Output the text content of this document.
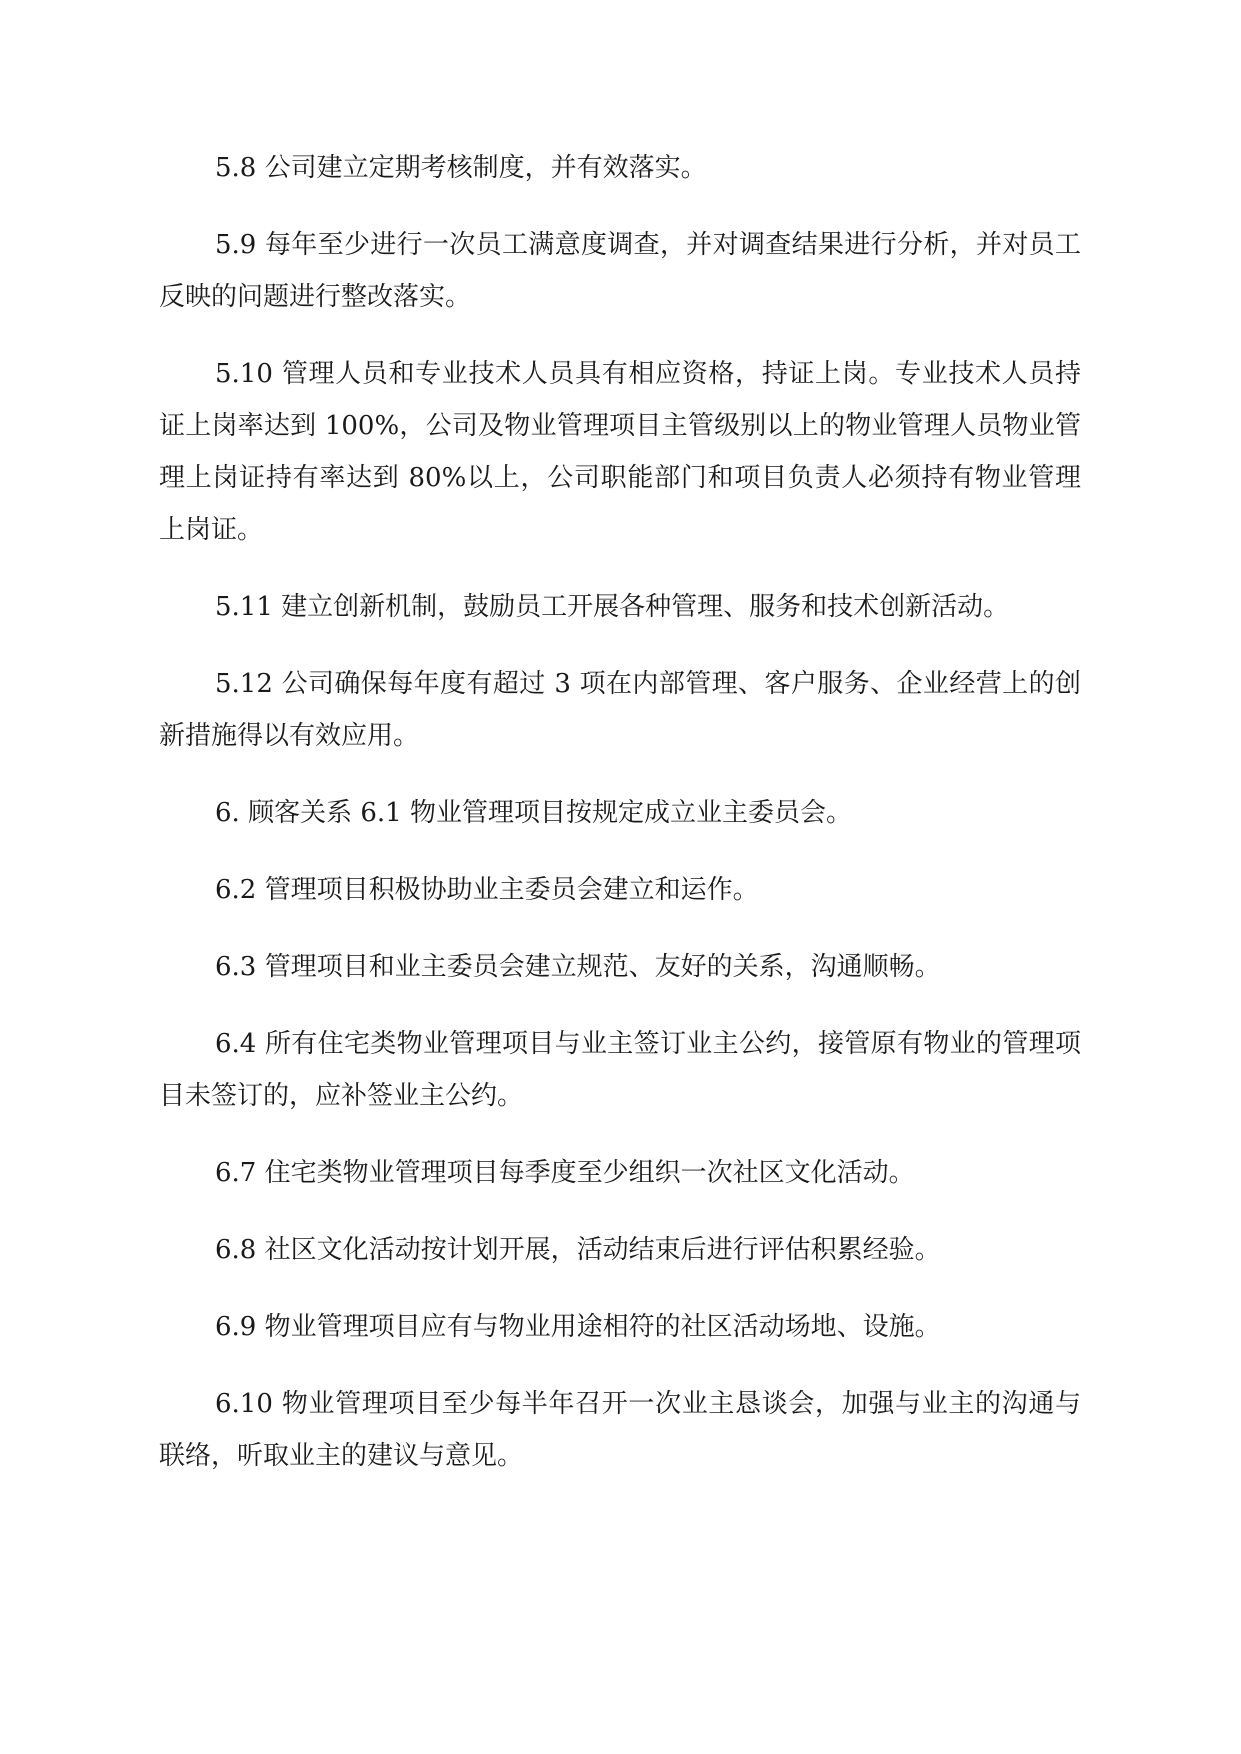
5.8 公司建立定期考核制度，并有效落实。

5.9 每年至少进行一次员工满意度调查，并对调查结果进行分析，并对员工反映的问题进行整改落实。

5.10 管理人员和专业技术人员具有相应资格，持证上岗。专业技术人员持证上岗率达到 100%，公司及物业管理项目主管级别以上的物业管理人员物业管理上岗证持有率达到 80%以上，公司职能部门和项目负责人必须持有物业管理上岗证。

5.11 建立创新机制，鼓励员工开展各种管理、服务和技术创新活动。

5.12 公司确保每年度有超过 3 项在内部管理、客户服务、企业经营上的创新措施得以有效应用。

6. 顾客关系 6.1 物业管理项目按规定成立业主委员会。

6.2 管理项目积极协助业主委员会建立和运作。

6.3 管理项目和业主委员会建立规范、友好的关系，沟通顺畅。

6.4 所有住宅类物业管理项目与业主签订业主公约，接管原有物业的管理项目未签订的，应补签业主公约。

6.7 住宅类物业管理项目每季度至少组织一次社区文化活动。

6.8 社区文化活动按计划开展，活动结束后进行评估积累经验。

6.9 物业管理项目应有与物业用途相符的社区活动场地、设施。

6.10 物业管理项目至少每半年召开一次业主恳谈会，加强与业主的沟通与联络，听取业主的建议与意见。
